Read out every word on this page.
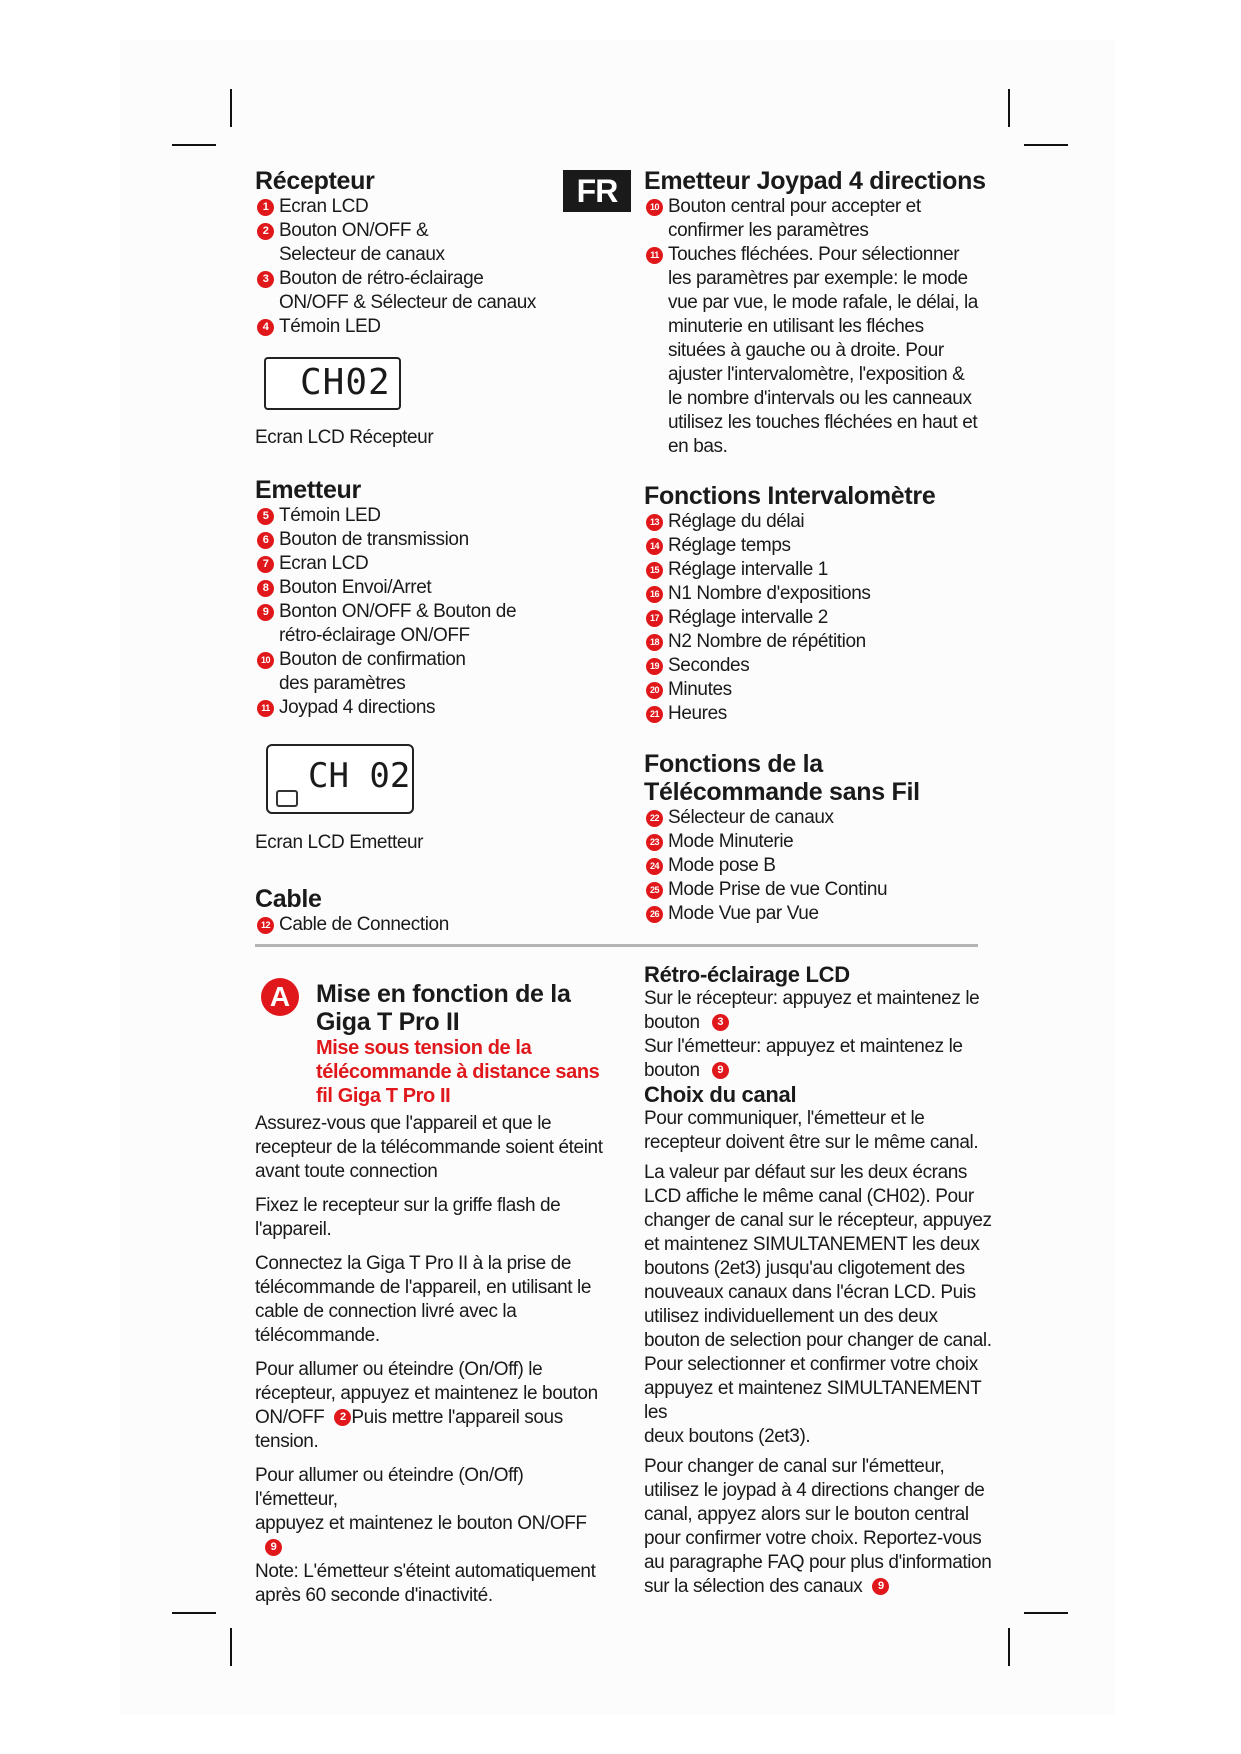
FR
Récepteur
1 Ecran LCD
2 Bouton ON/OFF &
Selecteur de canaux
3 Bouton de rétro-éclairage
ON/OFF & Sélecteur de canaux
4 Témoin LED
CH02
Ecran LCD Récepteur
Emetteur
5 Témoin LED
6 Bouton de transmission
7 Ecran LCD
8 Bouton Envoi/Arret
9 Bonton ON/OFF & Bouton de
rétro-éclairage ON/OFF
10 Bouton de confirmation
des paramètres
11 Joypad 4 directions
CH 02
Ecran LCD Emetteur
Cable
12 Cable de Connection
Emetteur Joypad 4 directions
10 Bouton central pour accepter et
confirmer les paramètres
11 Touches fléchées. Pour sélectionner
les paramètres par exemple: le mode
vue par vue, le mode rafale, le délai, la
minuterie en utilisant les fléches
situées à gauche ou à droite. Pour
ajuster l'intervalomètre, l'exposition &
le nombre d'intervals ou les canneaux
utilisez les touches fléchées en haut et
en bas.
Fonctions Intervalomètre
13 Réglage du délai
14 Réglage temps
15 Réglage intervalle 1
16 N1 Nombre d'expositions
17 Réglage intervalle 2
18 N2 Nombre de répétition
19 Secondes
20 Minutes
21 Heures
Fonctions de la
Télécommande sans Fil
22 Sélecteur de canaux
23 Mode Minuterie
24 Mode pose B
25 Mode Prise de vue Continu
26 Mode Vue par Vue
A	Mise en fonction de la
Giga T Pro II
Mise sous tension de la
télécommande à distance sans
fil Giga T Pro II
Assurez-vous que l'appareil et que le
recepteur de la télécommande soient éteint
avant toute connection
Fixez le recepteur sur la griffe flash de
l'appareil.
Connectez la Giga T Pro II à la prise de
télécommande de l'appareil, en utilisant le
cable de connection livré avec la
télécommande.
Pour allumer ou éteindre (On/Off) le
récepteur, appuyez et maintenez le bouton
ON/OFF 2 Puis mettre l'appareil sous
tension.
Pour allumer ou éteindre (On/Off) l'émetteur,
appuyez et maintenez le bouton ON/OFF9
Note: L'émetteur s'éteint automatiquement
après 60 seconde d'inactivité.
Rétro-éclairage LCD
Sur le récepteur: appuyez et maintenez le
bouton 3
Sur l'émetteur: appuyez et maintenez le
bouton 9
Choix du canal
Pour communiquer, l'émetteur et le
recepteur doivent être sur le même canal.
La valeur par défaut sur les deux écrans
LCD affiche le même canal (CH02). Pour
changer de canal sur le récepteur, appuyez
et maintenez SIMULTANEMENT les deux
boutons (2et3) jusqu'au cligotement des
nouveaux canaux dans l'écran LCD. Puis
utilisez individuellement un des deux
bouton de selection pour changer de canal.
Pour selectionner et confirmer votre choix
appuyez et maintenez SIMULTANEMENT les
deux boutons (2et3).
Pour changer de canal sur l'émetteur,
utilisez le joypad à 4 directions changer de
canal, appyez alors sur le bouton central
pour confirmer votre choix. Reportez-vous
au paragraphe FAQ pour plus d'information
sur la sélection des canaux 9
